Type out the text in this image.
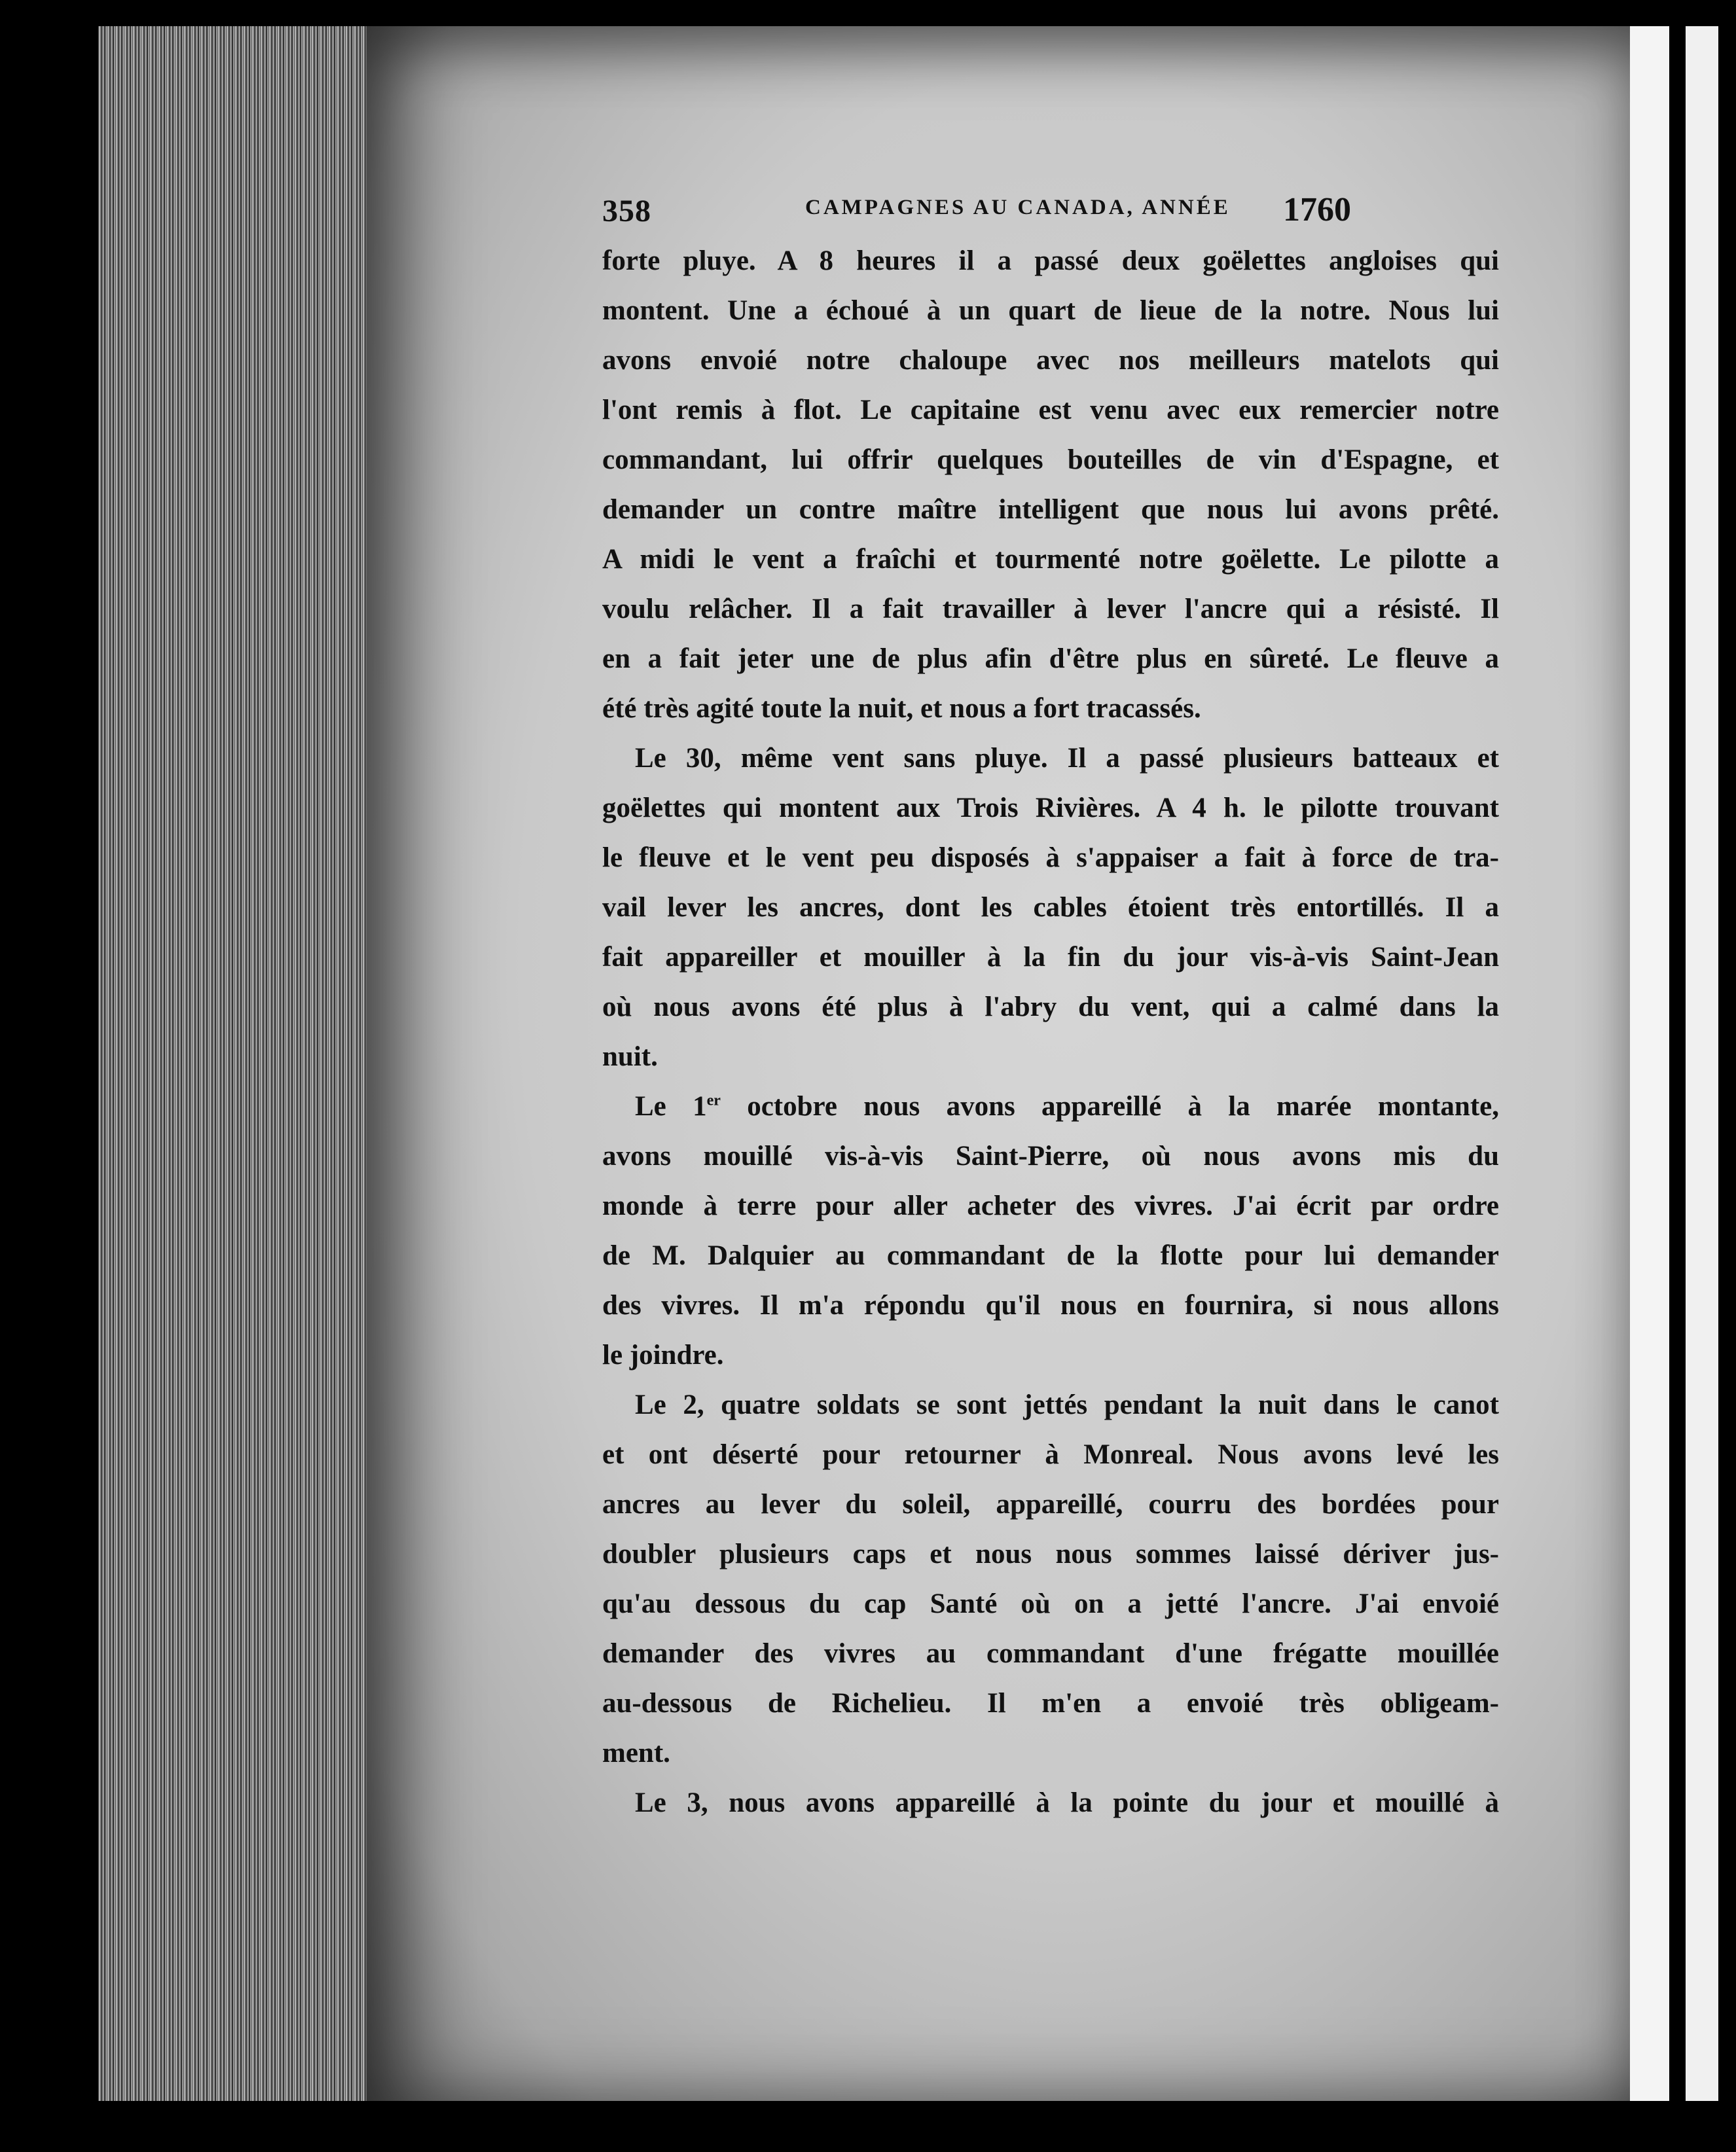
358	CAMPAGNES AU CANADA, ANNÉE 1760

forte pluye. A 8 heures il a passé deux goëlettes angloises qui
montent. Une a échoué à un quart de lieue de la notre. Nous lui
avons envoié notre chaloupe avec nos meilleurs matelots qui
l'ont remis à flot. Le capitaine est venu avec eux remercier notre
commandant, lui offrir quelques bouteilles de vin d'Espagne, et
demander un contre maître intelligent que nous lui avons prêté.
A midi le vent a fraîchi et tourmenté notre goëlette. Le pilotte a
voulu relâcher. Il a fait travailler à lever l'ancre qui a résisté. Il
en a fait jeter une de plus afin d'être plus en sûreté. Le fleuve a
été très agité toute la nuit, et nous a fort tracassés.

Le 30, même vent sans pluye. Il a passé plusieurs batteaux et
goëlettes qui montent aux Trois Rivières. A 4 h. le pilotte trouvant
le fleuve et le vent peu disposés à s'appaiser a fait à force de tra-
vail lever les ancres, dont les cables étoient très entortillés. Il a
fait appareiller et mouiller à la fin du jour vis-à-vis Saint-Jean
où nous avons été plus à l'abry du vent, qui a calmé dans la
nuit.

Le 1er octobre nous avons appareillé à la marée montante,
avons mouillé vis-à-vis Saint-Pierre, où nous avons mis du
monde à terre pour aller acheter des vivres. J'ai écrit par ordre
de M. Dalquier au commandant de la flotte pour lui demander
des vivres. Il m'a répondu qu'il nous en fournira, si nous allons
le joindre.

Le 2, quatre soldats se sont jettés pendant la nuit dans le canot
et ont déserté pour retourner à Monreal. Nous avons levé les
ancres au lever du soleil, appareillé, courru des bordées pour
doubler plusieurs caps et nous nous sommes laissé dériver jus-
qu'au dessous du cap Santé où on a jetté l'ancre. J'ai envoié
demander des vivres au commandant d'une frégatte mouillée
au-dessous de Richelieu. Il m'en a envoié très obligeam-
ment.

Le 3, nous avons appareillé à la pointe du jour et mouillé à
